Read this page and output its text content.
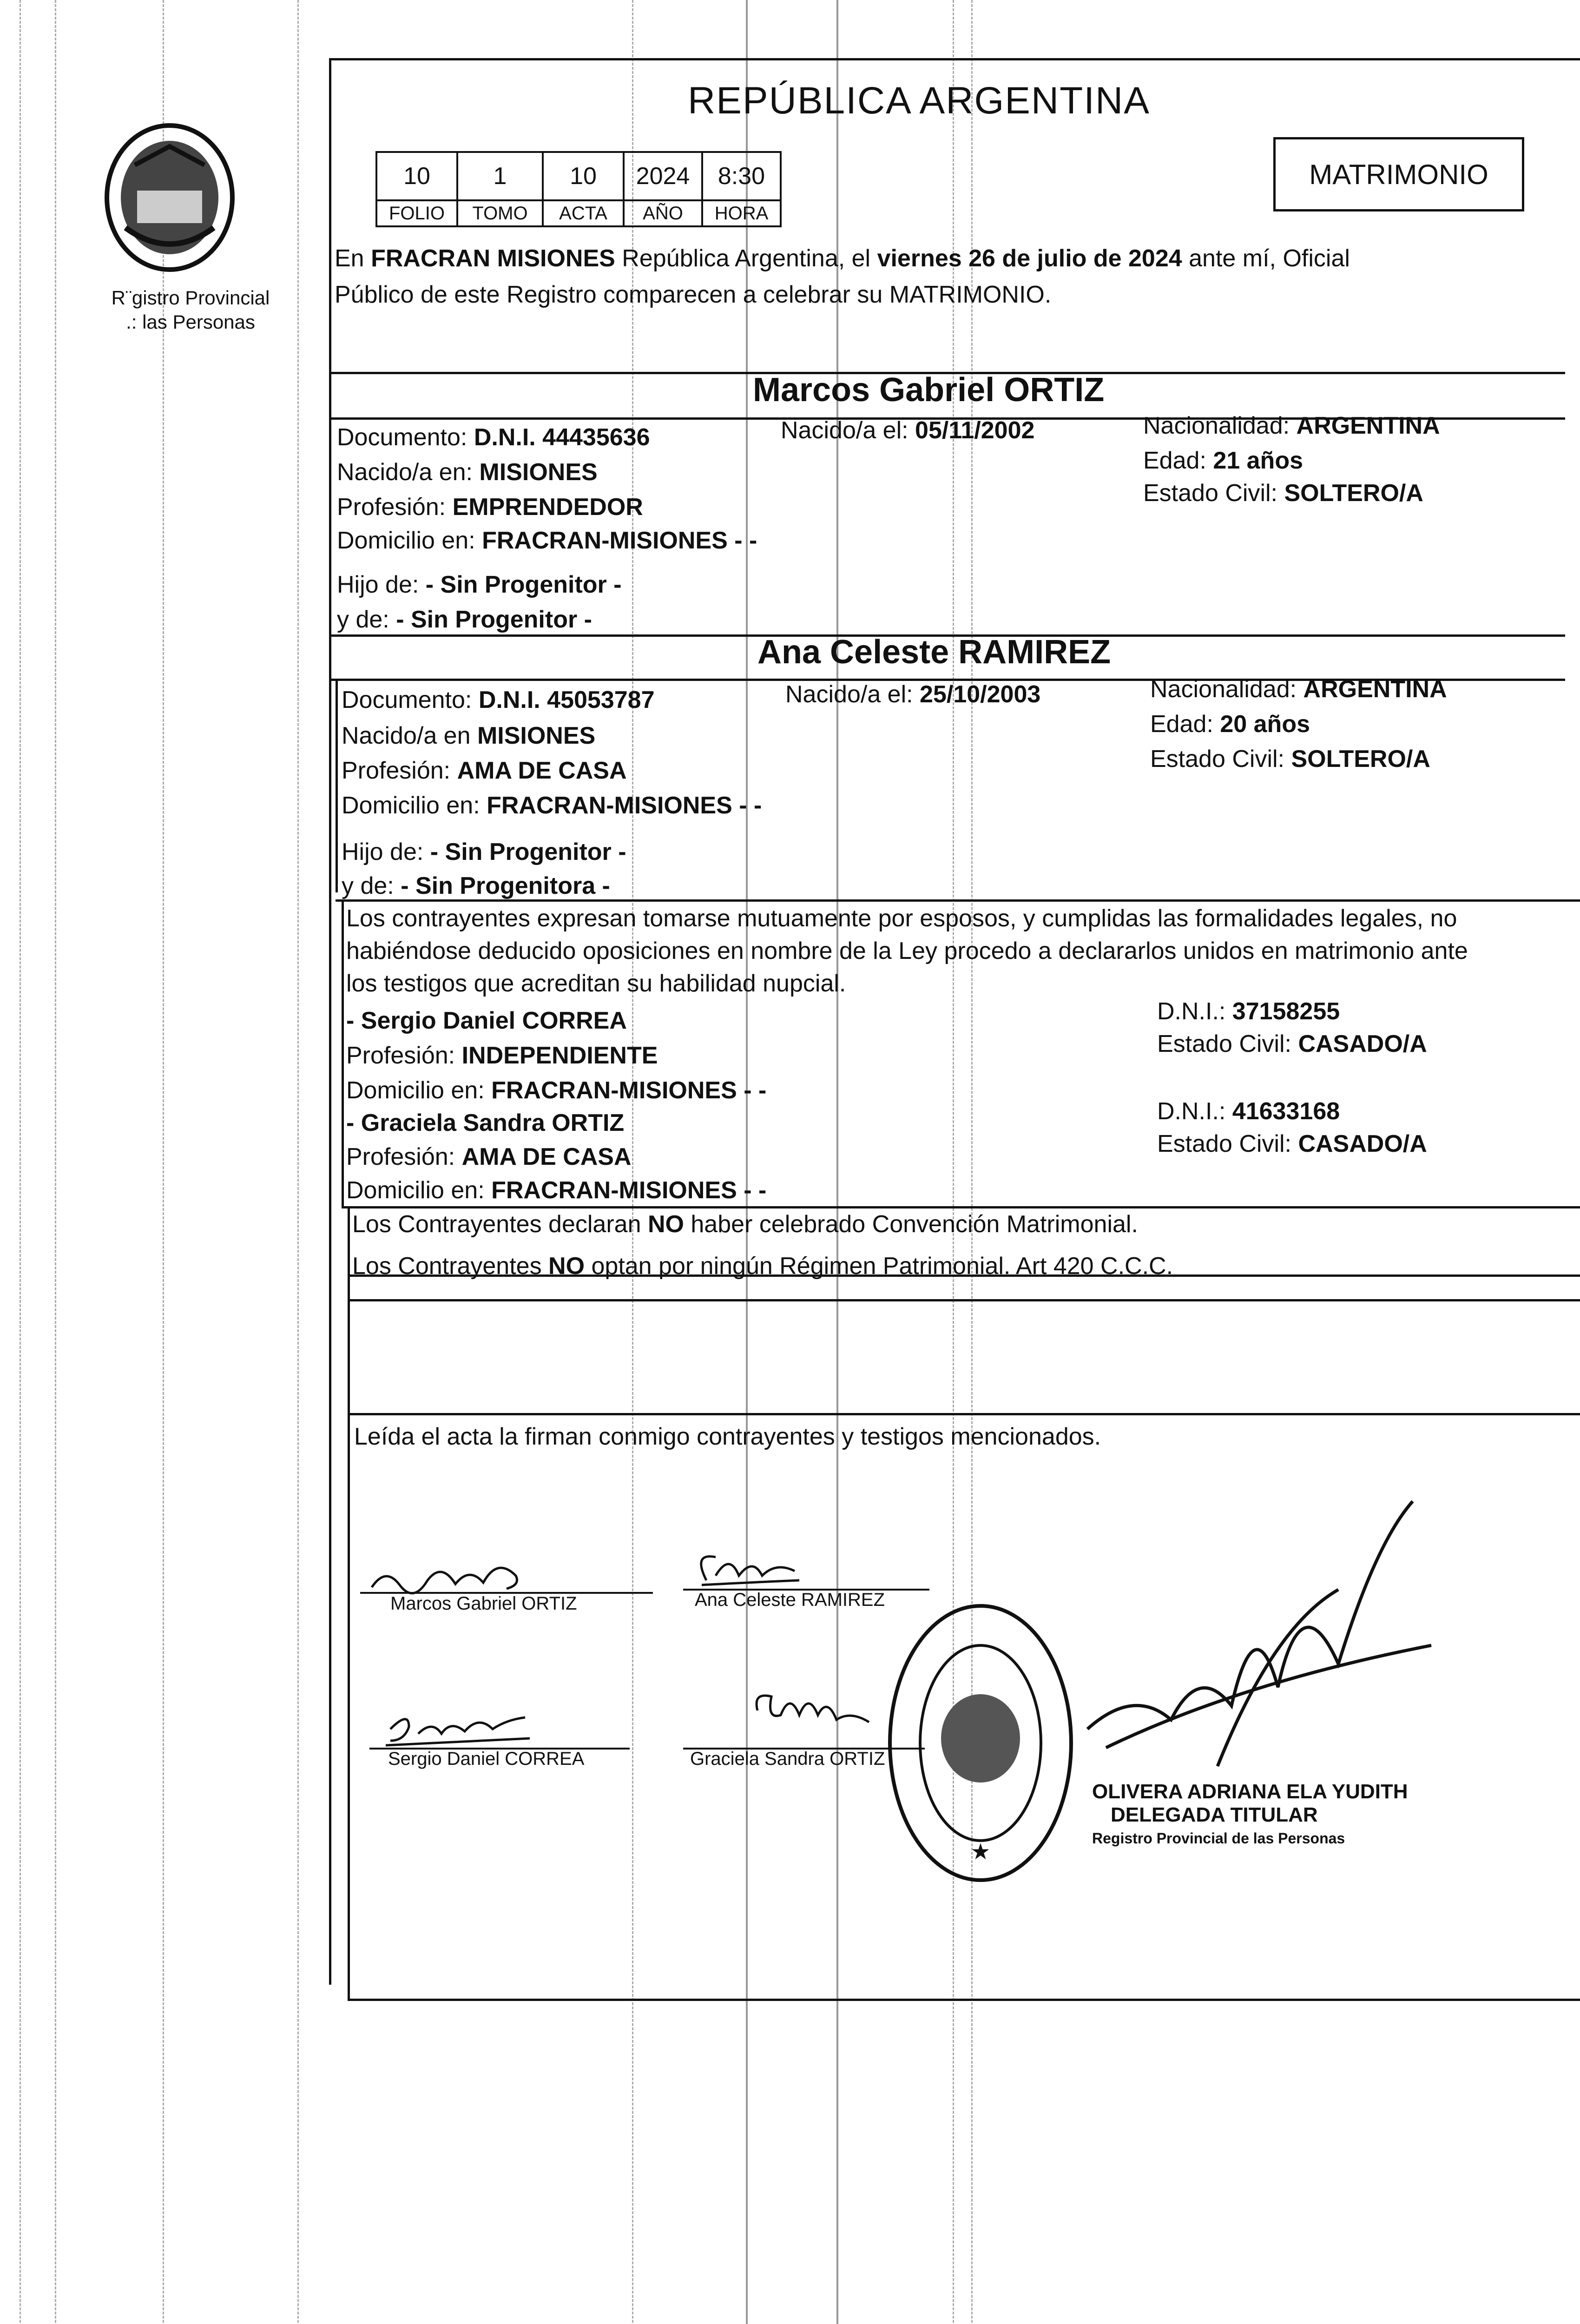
R¨gistro Provincial
.: las Personas
REPÚBLICA ARGENTINA
10	1	10	2024	8:30
FOLIO	TOMO	ACTA	AÑO	HORA
MATRIMONIO
En FRACRAN MISIONES República Argentina, el viernes 26 de julio de 2024 ante mí, Oficial
Público de este Registro comparecen a celebrar su MATRIMONIO.
Marcos Gabriel ORTIZ
Documento: D.N.I. 44435636	Nacido/a el: 05/11/2002	Nacionalidad: ARGENTINA
Nacido/a en: MISIONES	Edad: 21 años
Profesión: EMPRENDEDOR
Estado Civil: SOLTERO/A
Domicilio en: FRACRAN-MISIONES - -
Hijo de: - Sin Progenitor -
y de: - Sin Progenitor -
Ana Celeste RAMIREZ
Documento: D.N.I. 45053787	Nacido/a el: 25/10/2003	Nacionalidad: ARGENTINA
Nacido/a en MISIONES	Edad: 20 años
Profesión: AMA DE CASA	Estado Civil: SOLTERO/A
Domicilio en: FRACRAN-MISIONES - -
Hijo de: - Sin Progenitor -
y de: - Sin Progenitora -
Los contrayentes expresan tomarse mutuamente por esposos, y cumplidas las formalidades legales, no
habiéndose deducido oposiciones en nombre de la Ley procedo a declararlos unidos en matrimonio ante
los testigos que acreditan su habilidad nupcial.
- Sergio Daniel CORREA
Profesión: INDEPENDIENTE
Domicilio en: FRACRAN-MISIONES - -
D.N.I.: 37158255
Estado Civil: CASADO/A
- Graciela Sandra ORTIZ
Profesión: AMA DE CASA
Domicilio en: FRACRAN-MISIONES - -
D.N.I.: 41633168
Estado Civil: CASADO/A
Los Contrayentes declaran NO haber celebrado Convención Matrimonial.
Los Contrayentes NO optan por ningún Régimen Patrimonial. Art 420 C.C.C.
Leída el acta la firman conmigo contrayentes y testigos mencionados.
Marcos Gabriel ORTIZ	Ana Celeste RAMIREZ
Sergio Daniel CORREA	Graciela Sandra ORTIZ
★
OLIVERA ADRIANA ELA YUDITH
DELEGADA TITULAR
Registro Provincial de las Personas
